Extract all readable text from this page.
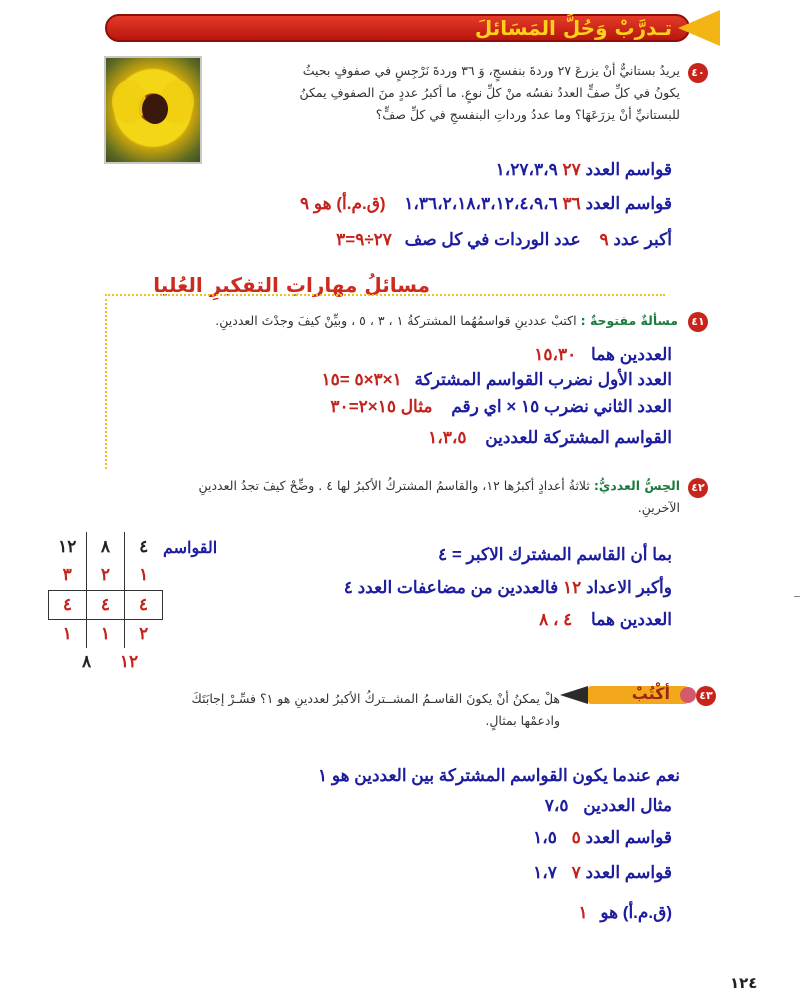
تـدرَّبْ وَحُلَّ المَسَائلَ
٤٠
يريدُ بستانيٌّ أنْ يزرعَ ٢٧ وردةَ بنفسجٍ، وَ ٣٦ وردةَ نَرْجِسٍ في صفوفٍ بحيثُ
يكونُ في كلِّ صفٍّ العددُ نفسُه منْ كلِّ نوعٍ. ما أكبرُ عددٍ منَ الصفوفِ يمكنُ
للبستانيِّ أنْ يزرَعَهَا؟ وما عددُ ورداتِ البنفسجِ في كلِّ صفٍّ؟
قواسم العدد ٢٧ ١،٢٧،٣،٩
قواسم العدد ٣٦ ١،٣٦،٢،١٨،٣،١٢،٤،٩،٦ (ق.م.أ) هو ٩
أكبر عدد ٩ عدد الوردات في كل صف ٢٧÷٩=٣
مسائلُ مهاراتِ التفكيرِ العُليا
٤١
مسألةٌ مفتوحةٌ : اكتبْ عددينِ قواسمُهُما المشتركةُ ١ ، ٣ ، ٥ ، وبيِّنْ كيفَ وجدْتَ العددينِ.
العددين هما ١٥،٣٠
العدد الأول نضرب القواسم المشتركة ١×٣×٥ =١٥
العدد الثاني نضرب ١٥ × اي رقم مثال ١٥×٢=٣٠
القواسم المشتركة للعددين ١،٣،٥
٤٢
الحِسُّ العدديُّ: ثلاثةُ أعدادٍ أكبرُها ١٢، والقاسمُ المشتركُ الأكبرُ لها ٤ . وضِّحْ كيفَ تجدُ العددينِ
الآخرينِ.
القواسم
١٢	٨	٤
٣	٢	١
٤	٤	٤
١	١	٢
١٢ ٨
بما أن القاسم المشترك الاكبر = ٤
وأكبر الاعداد ١٢ فالعددين من مضاعفات العدد ٤
العددين هما ٤ ، ٨
٤٣
أكْتُبْ
هلْ يمكنُ أنْ يكونَ القاسـمُ المشــتركُ الأكبرُ لعددينِ هو ١؟ فسِّـرْ إجابَتَكَ
وادعمْها بمثالٍ.
نعم عندما يكون القواسم المشتركة بين العددين هو ١
مثال العددين ٧،٥
قواسم العدد ٥ ١،٥
قواسم العدد ٧ ١،٧
(ق.م.أ) هو ١
١٢٤
